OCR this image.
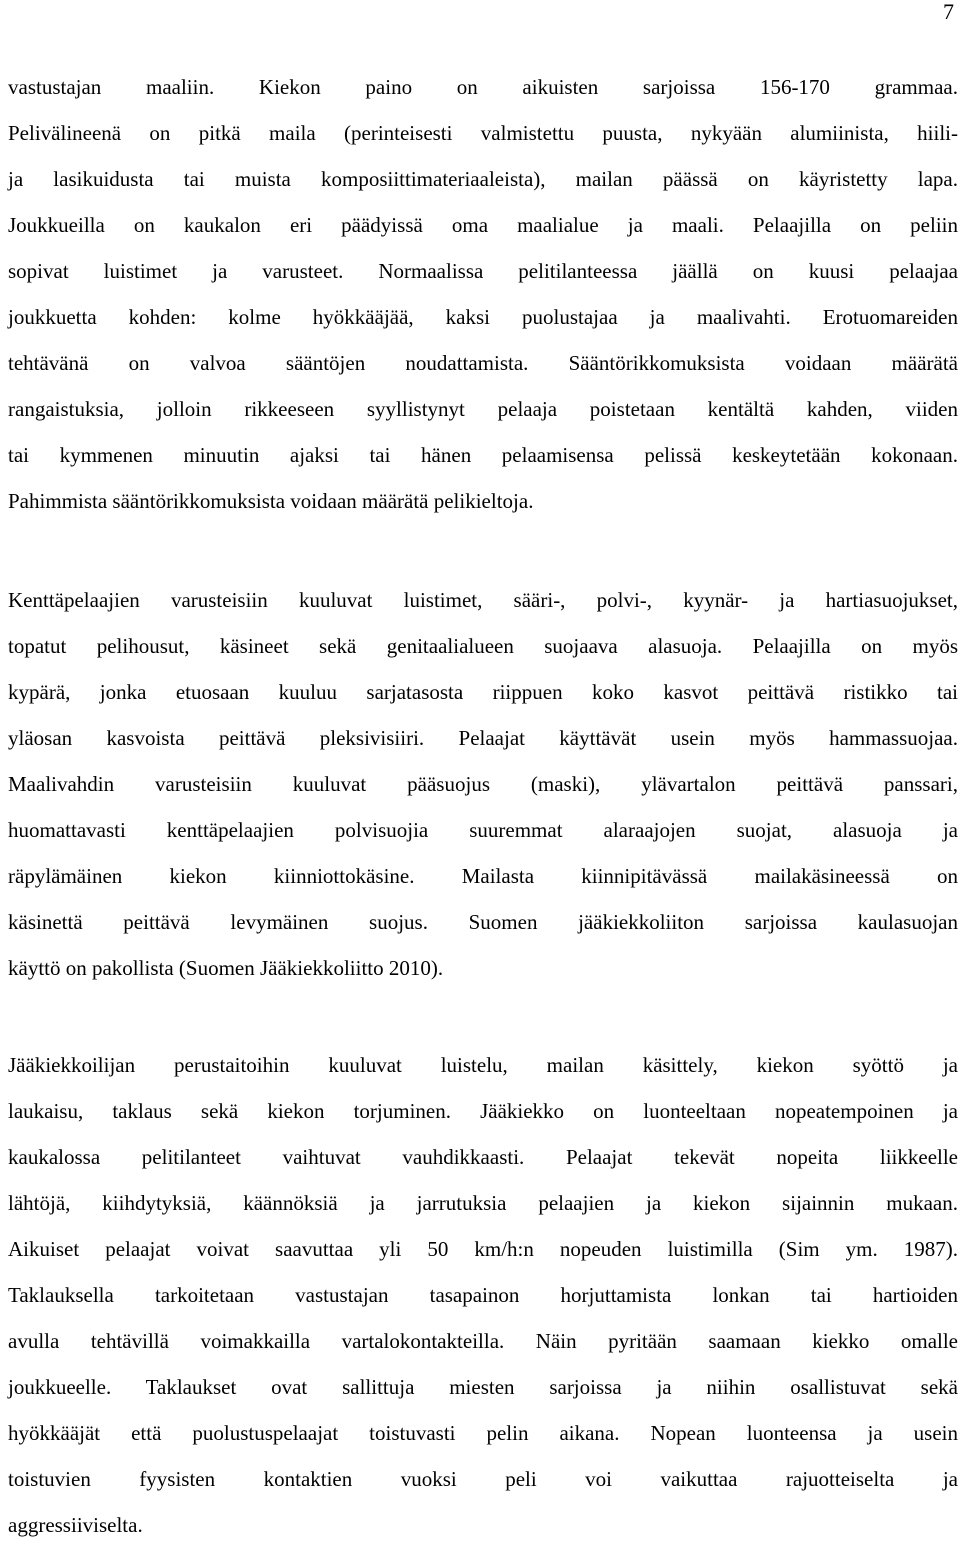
7
vastustajan maaliin. Kiekon paino on aikuisten sarjoissa 156-170 grammaa.
Pelivälineenä on pitkä maila (perinteisesti valmistettu puusta, nykyään alumiinista, hiili-
ja lasikuidusta tai muista komposiittimateriaaleista), mailan päässä on käyristetty lapa.
Joukkueilla on kaukalon eri päädyissä oma maalialue ja maali. Pelaajilla on peliin
sopivat luistimet ja varusteet. Normaalissa pelitilanteessa jäällä on kuusi pelaajaa
joukkuetta kohden: kolme hyökkääjää, kaksi puolustajaa ja maalivahti. Erotuomareiden
tehtävänä on valvoa sääntöjen noudattamista. Sääntörikkomuksista voidaan määrätä
rangaistuksia, jolloin rikkeeseen syyllistynyt pelaaja poistetaan kentältä kahden, viiden
tai kymmenen minuutin ajaksi tai hänen pelaamisensa pelissä keskeytetään kokonaan.
Pahimmista sääntörikkomuksista voidaan määrätä pelikieltoja.
Kenttäpelaajien varusteisiin kuuluvat luistimet, sääri-, polvi-, kyynär- ja hartiasuojukset,
topatut pelihousut, käsineet sekä genitaalialueen suojaava alasuoja. Pelaajilla on myös
kypärä, jonka etuosaan kuuluu sarjatasosta riippuen koko kasvot peittävä ristikko tai
yläosan kasvoista peittävä pleksivisiiri. Pelaajat käyttävät usein myös hammassuojaa.
Maalivahdin varusteisiin kuuluvat pääsuojus (maski), ylävartalon peittävä panssari,
huomattavasti kenttäpelaajien polvisuojia suuremmat alaraajojen suojat, alasuoja ja
räpylämäinen kiekon kiinniottokäsine. Mailasta kiinnipitävässä mailakäsineessä on
käsinettä peittävä levymäinen suojus. Suomen jääkiekkoliiton sarjoissa kaulasuojan
käyttö on pakollista (Suomen Jääkiekkoliitto 2010).
Jääkiekkoilijan perustaitoihin kuuluvat luistelu, mailan käsittely, kiekon syöttö ja
laukaisu, taklaus sekä kiekon torjuminen. Jääkiekko on luonteeltaan nopeatempoinen ja
kaukalossa pelitilanteet vaihtuvat vauhdikkaasti. Pelaajat tekevät nopeita liikkeelle
lähtöjä, kiihdytyksiä, käännöksiä ja jarrutuksia pelaajien ja kiekon sijainnin mukaan.
Aikuiset pelaajat voivat saavuttaa yli 50 km/h:n nopeuden luistimilla (Sim ym. 1987).
Taklauksella tarkoitetaan vastustajan tasapainon horjuttamista lonkan tai hartioiden
avulla tehtävillä voimakkailla vartalokontakteilla. Näin pyritään saamaan kiekko omalle
joukkueelle. Taklaukset ovat sallittuja miesten sarjoissa ja niihin osallistuvat sekä
hyökkääjät että puolustuspelaajat toistuvasti pelin aikana. Nopean luonteensa ja usein
toistuvien fyysisten kontaktien vuoksi peli voi vaikuttaa rajuotteiselta ja
aggressiiviselta.
